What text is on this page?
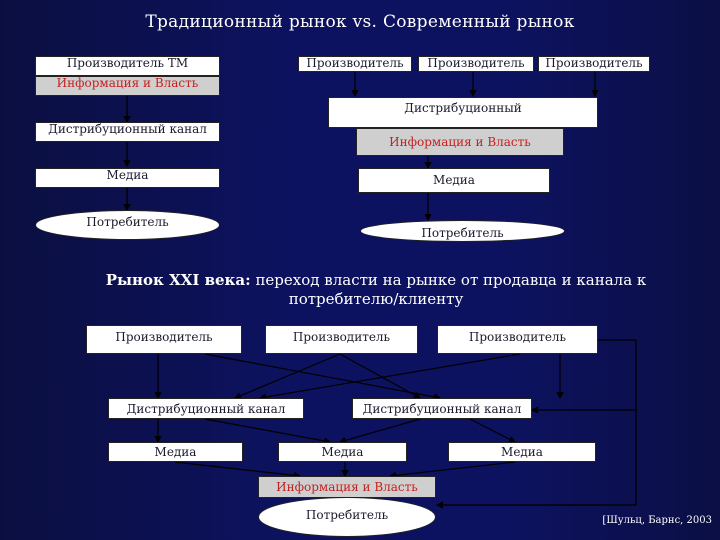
Традиционный рынок vs. Современный рынок
Производитель ТМ
Информация и Власть
Дистрибуционный канал
Медиа
Потребитель
Производитель	Производитель	Производитель
Дистрибуционный
Информация и Власть
Медиа
Потребитель
Рынок XXI века: переход власти на рынке от продавца и канала к
потребителю/клиенту
Производитель	Производитель	Производитель
Дистрибуционный канал	Дистрибуционный канал
Медиа	Медиа	Медиа
Информация и Власть
Потребитель	[Шульц, Барнс, 2003
